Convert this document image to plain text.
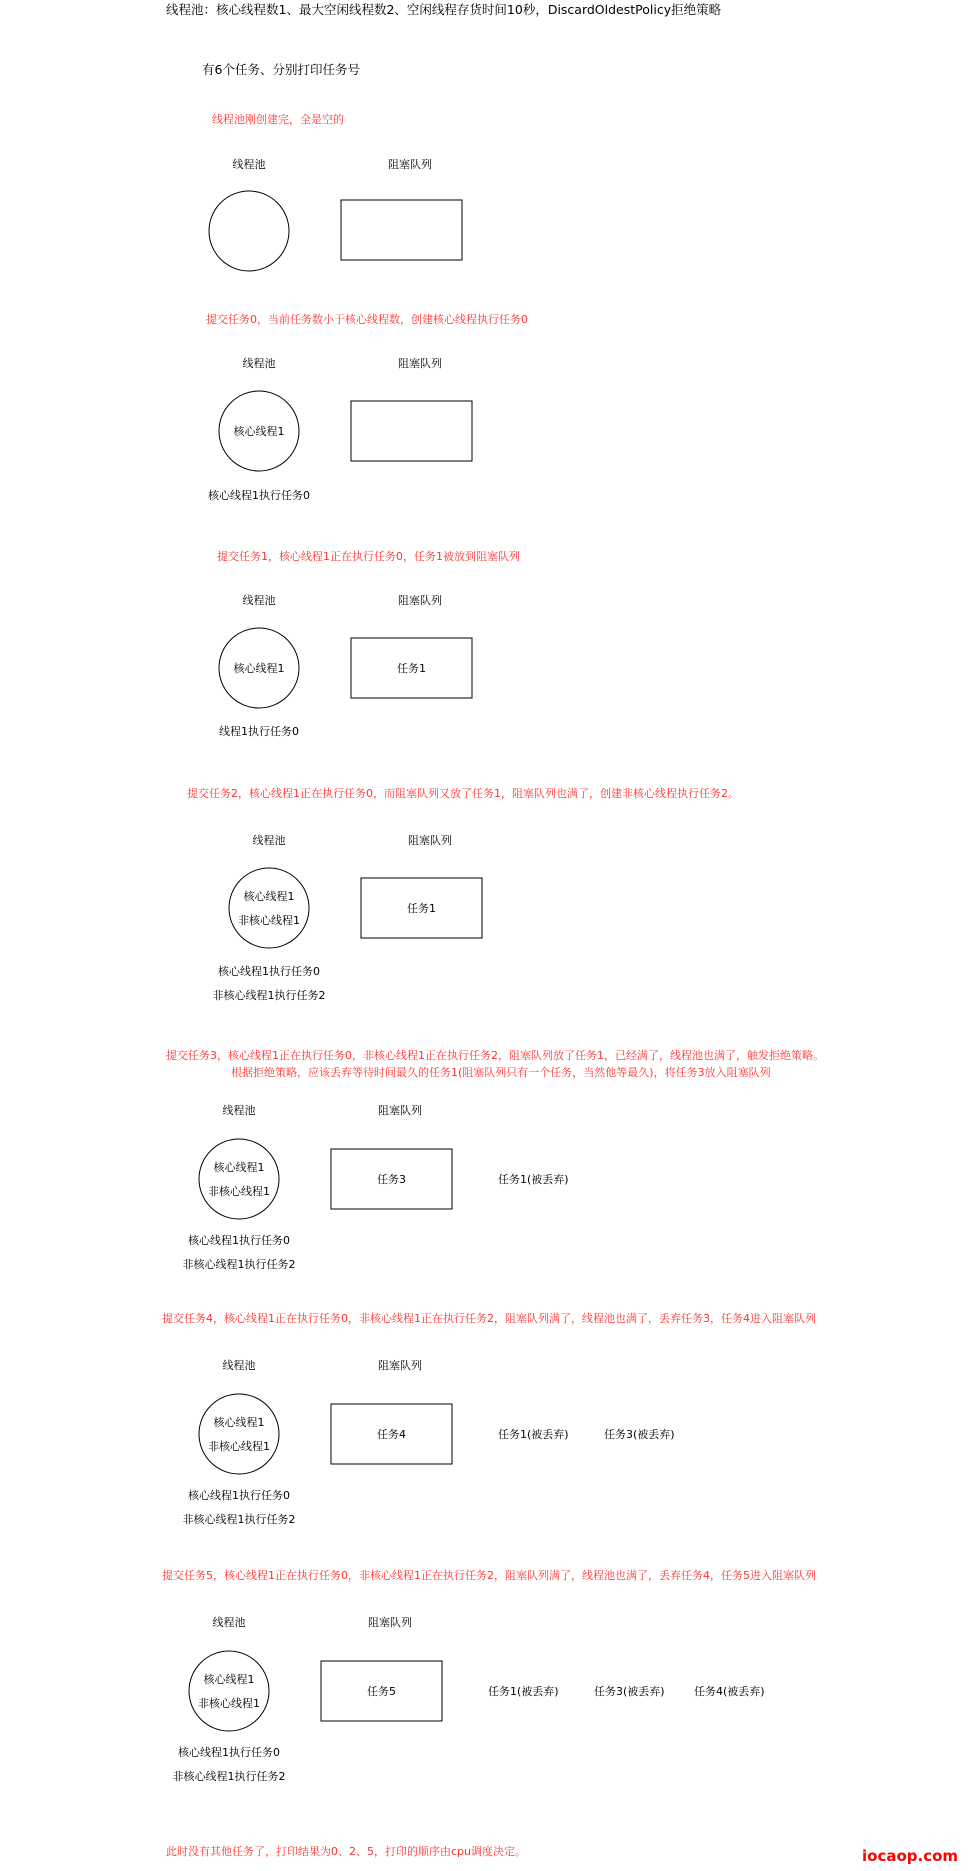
线程池：核心线程数1、最大空闲线程数2、空闲线程存货时间10秒，DiscardOldestPolicy拒绝策略
有6个任务、分别打印任务号
线程池刚创建完，全是空的
线程池	阻塞队列
提交任务0，当前任务数小于核心线程数，创建核心线程执行任务0
线程池	阻塞队列
核心线程1
核心线程1执行任务0
提交任务1，核心线程1正在执行任务0，任务1被放到阻塞队列
线程池	阻塞队列
任务1
核心线程1
线程1执行任务0
提交任务2，核心线程1正在执行任务0，而阻塞队列又放了任务1，阻塞队列也满了，创建非核心线程执行任务2。
线程池	阻塞队列
任务1
核心线程1
非核心线程1
核心线程1执行任务0
非核心线程1执行任务2
提交任务3，核心线程1正在执行任务0，非核心线程1正在执行任务2，阻塞队列放了任务1，已经满了，线程池也满了，触发拒绝策略。
根据拒绝策略，应该丢弃等待时间最久的任务1(阻塞队列只有一个任务，当然他等最久)，将任务3放入阻塞队列
线程池	阻塞队列
任务3
核心线程1
非核心线程1
核心线程1执行任务0
非核心线程1执行任务2
任务1(被丢弃)
提交任务4，核心线程1正在执行任务0，非核心线程1正在执行任务2，阻塞队列满了，线程池也满了，丢弃任务3，任务4进入阻塞队列
线程池	阻塞队列
任务4
核心线程1
非核心线程1
核心线程1执行任务0
非核心线程1执行任务2
任务1(被丢弃)	任务3(被丢弃)
提交任务5，核心线程1正在执行任务0，非核心线程1正在执行任务2，阻塞队列满了，线程池也满了，丢弃任务4，任务5进入阻塞队列
线程池	阻塞队列
任务5
核心线程1
非核心线程1
核心线程1执行任务0
非核心线程1执行任务2
任务1(被丢弃)	任务3(被丢弃)	任务4(被丢弃)
此时没有其他任务了，打印结果为0、2、5，打印的顺序由cpu调度决定。	iocaop.com
